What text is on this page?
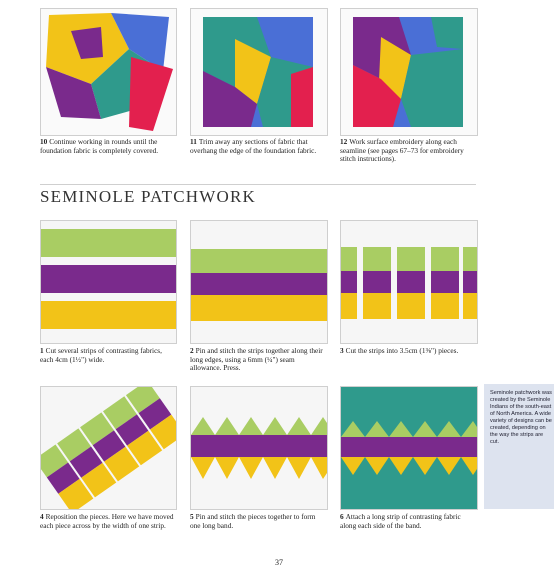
10 Continue working in rounds until the foundation fabric is completely covered.
11 Trim away any sections of fabric that overhang the edge of the foundation fabric.
12 Work surface embroidery along each seamline (see pages 67–73 for embroidery stitch instructions).
SEMINOLE PATCHWORK
1 Cut several strips of contrasting fabrics, each 4cm (1½") wide.
2 Pin and stitch the strips together along their long edges, using a 6mm (¼") seam allowance. Press.
3 Cut the strips into 3.5cm (1⅜") pieces.
4 Reposition the pieces. Here we have moved each piece across by the width of one strip.
5 Pin and stitch the pieces together to form one long band.
6 Attach a long strip of contrasting fabric along each side of the band.
Seminole patchwork was created by the Seminole Indians of the south-east of North America. A wide variety of designs can be created, depending on the way the strips are cut.
37
